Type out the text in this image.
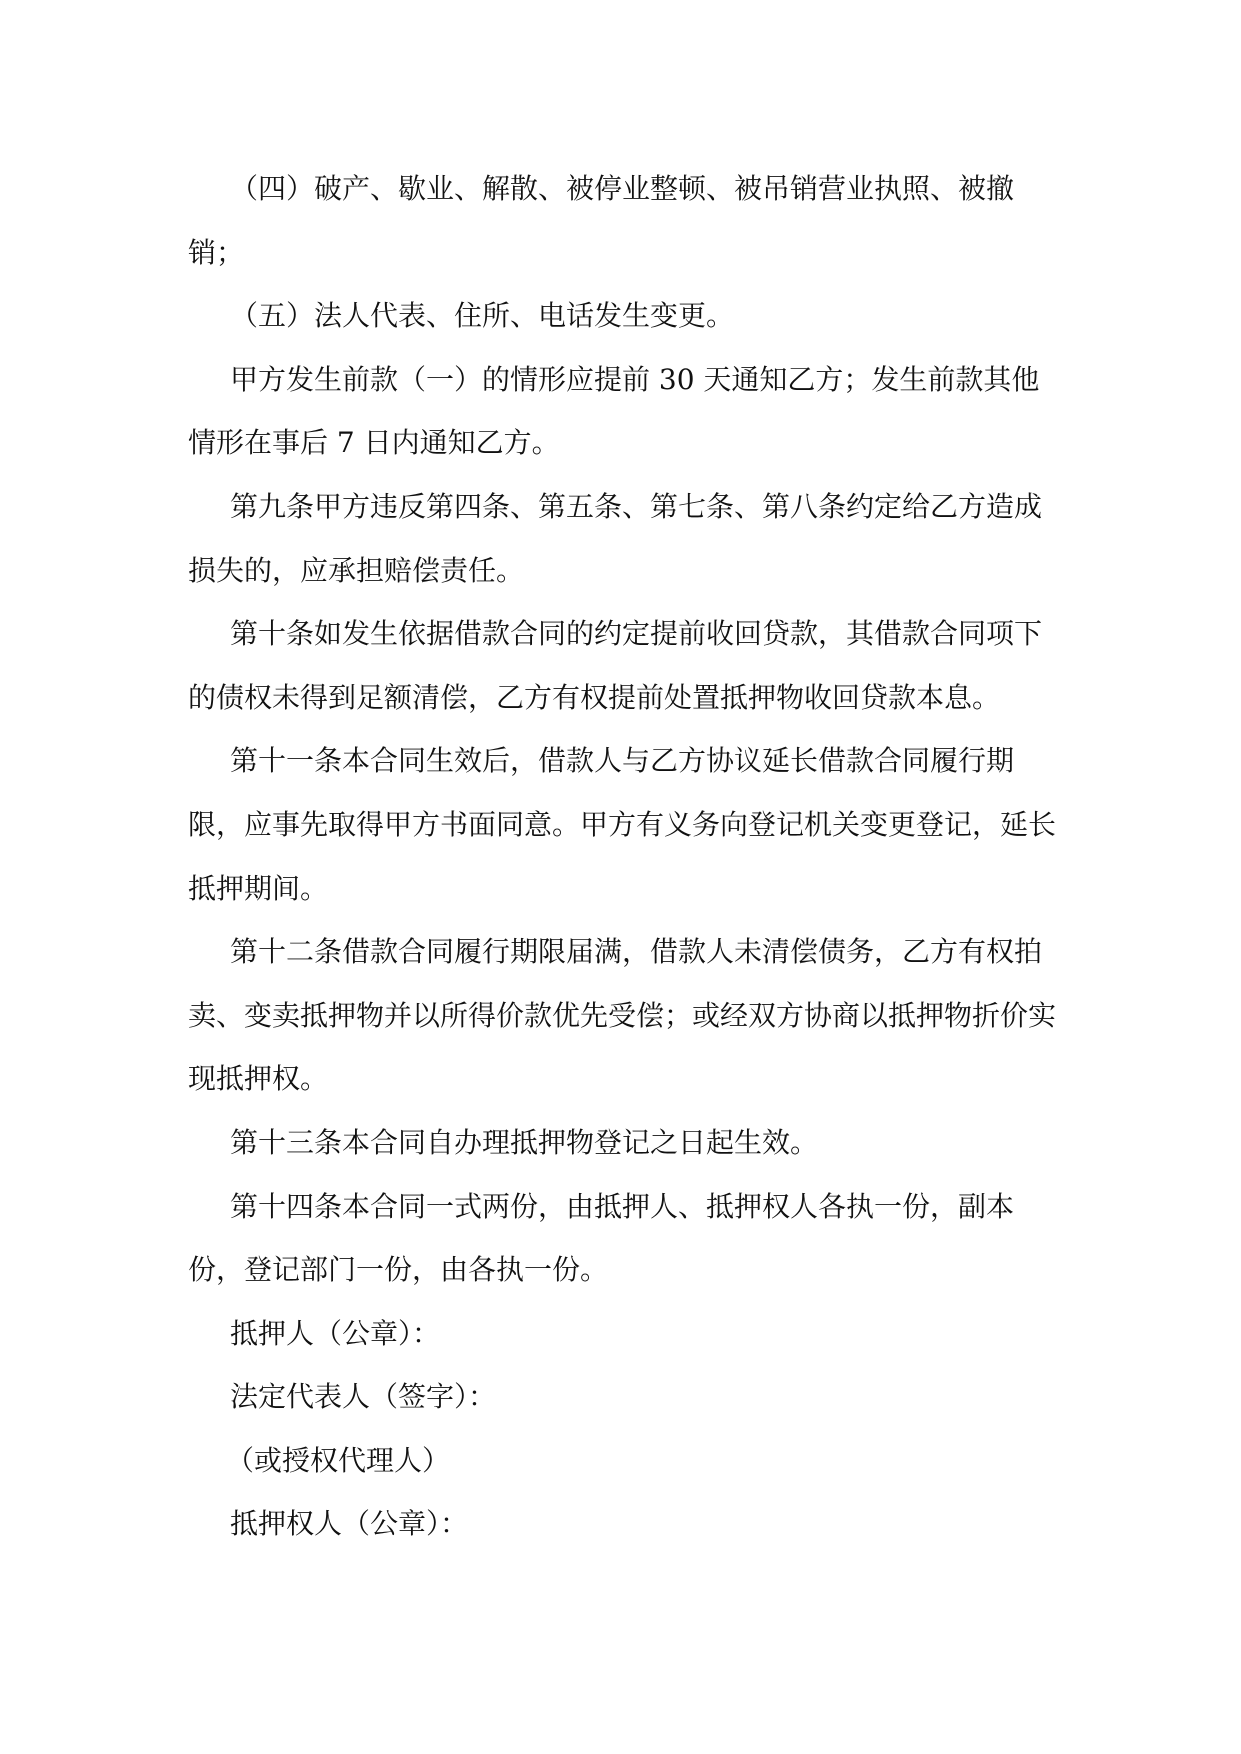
（四）破产、歇业、解散、被停业整顿、被吊销营业执照、被撤销；

（五）法人代表、住所、电话发生变更。

甲方发生前款（一）的情形应提前 30 天通知乙方；发生前款其他情形在事后 7 日内通知乙方。

第九条甲方违反第四条、第五条、第七条、第八条约定给乙方造成损失的，应承担赔偿责任。

第十条如发生依据借款合同的约定提前收回贷款，其借款合同项下的债权未得到足额清偿，乙方有权提前处置抵押物收回贷款本息。

第十一条本合同生效后，借款人与乙方协议延长借款合同履行期限，应事先取得甲方书面同意。甲方有义务向登记机关变更登记，延长抵押期间。

第十二条借款合同履行期限届满，借款人未清偿债务，乙方有权拍卖、变卖抵押物并以所得价款优先受偿；或经双方协商以抵押物折价实现抵押权。

第十三条本合同自办理抵押物登记之日起生效。

第十四条本合同一式两份，由抵押人、抵押权人各执一份，副本份，登记部门一份，由各执一份。

抵押人（公章）：

法定代表人（签字）：

（或授权代理人）

抵押权人（公章）：
